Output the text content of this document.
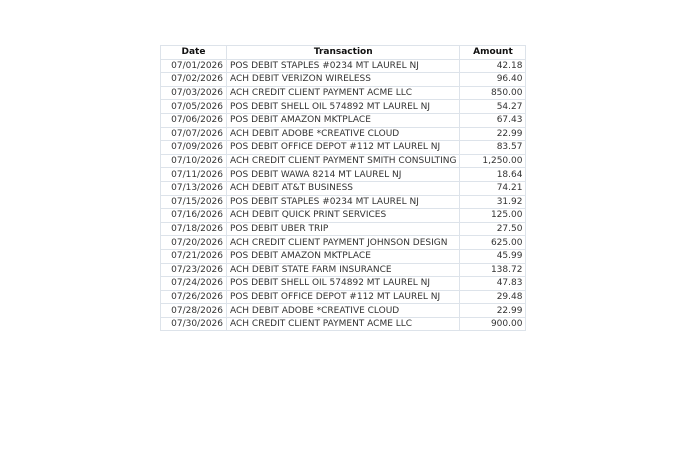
Date	Transaction	Amount
07/01/2026	POS DEBIT STAPLES #0234 MT LAUREL NJ	42.18
07/02/2026	ACH DEBIT VERIZON WIRELESS	96.40
07/03/2026	ACH CREDIT CLIENT PAYMENT ACME LLC	850.00
07/05/2026	POS DEBIT SHELL OIL 574892 MT LAUREL NJ	54.27
07/06/2026	POS DEBIT AMAZON MKTPLACE	67.43
07/07/2026	ACH DEBIT ADOBE *CREATIVE CLOUD	22.99
07/09/2026	POS DEBIT OFFICE DEPOT #112 MT LAUREL NJ	83.57
07/10/2026	ACH CREDIT CLIENT PAYMENT SMITH CONSULTING	1,250.00
07/11/2026	POS DEBIT WAWA 8214 MT LAUREL NJ	18.64
07/13/2026	ACH DEBIT AT&T BUSINESS	74.21
07/15/2026	POS DEBIT STAPLES #0234 MT LAUREL NJ	31.92
07/16/2026	ACH DEBIT QUICK PRINT SERVICES	125.00
07/18/2026	POS DEBIT UBER TRIP	27.50
07/20/2026	ACH CREDIT CLIENT PAYMENT JOHNSON DESIGN	625.00
07/21/2026	POS DEBIT AMAZON MKTPLACE	45.99
07/23/2026	ACH DEBIT STATE FARM INSURANCE	138.72
07/24/2026	POS DEBIT SHELL OIL 574892 MT LAUREL NJ	47.83
07/26/2026	POS DEBIT OFFICE DEPOT #112 MT LAUREL NJ	29.48
07/28/2026	ACH DEBIT ADOBE *CREATIVE CLOUD	22.99
07/30/2026	ACH CREDIT CLIENT PAYMENT ACME LLC	900.00
